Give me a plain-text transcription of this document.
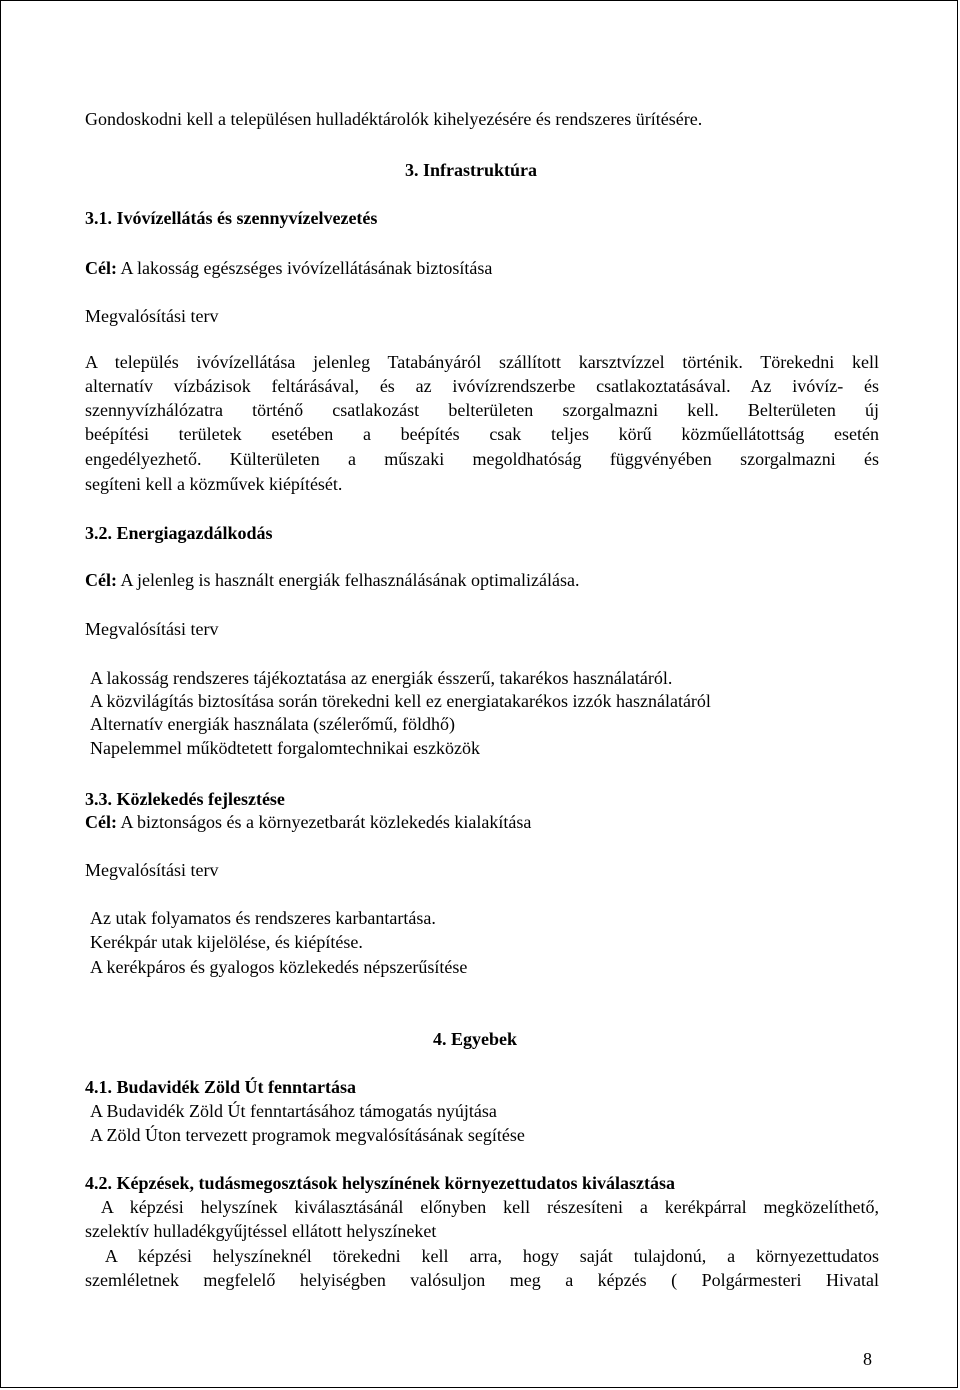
Gondoskodni kell a településen hulladéktárolók kihelyezésére és rendszeres ürítésére.
3. Infrastruktúra
3.1. Ivóvízellátás és szennyvízelvezetés
Cél: A lakosság egészséges ivóvízellátásának biztosítása
Megvalósítási terv
A település ivóvízellátása jelenleg Tatabányáról szállított karsztvízzel történik. Törekedni kell
alternatív vízbázisok feltárásával, és az ivóvízrendszerbe csatlakoztatásával. Az ivóvíz- és
szennyvízhálózatra történő csatlakozást belterületen szorgalmazni kell. Belterületen új
beépítési területek esetében a beépítés csak teljes körű közműellátottság esetén
engedélyezhető. Külterületen a műszaki megoldhatóság függvényében szorgalmazni és
segíteni kell a közművek kiépítését.
3.2. Energiagazdálkodás
Cél: A jelenleg is használt energiák felhasználásának optimalizálása.
Megvalósítási terv
A lakosság rendszeres tájékoztatása az energiák ésszerű, takarékos használatáról.
A közvilágítás biztosítása során törekedni kell ez energiatakarékos izzók használatáról
Alternatív energiák használata (szélerőmű, földhő)
Napelemmel működtetett forgalomtechnikai eszközök
3.3. Közlekedés fejlesztése
Cél: A biztonságos és a környezetbarát közlekedés kialakítása
Megvalósítási terv
Az utak folyamatos és rendszeres karbantartása.
Kerékpár utak kijelölése, és kiépítése.
A kerékpáros és gyalogos közlekedés népszerűsítése
4. Egyebek
4.1. Budavidék Zöld Út fenntartása
A Budavidék Zöld Út fenntartásához támogatás nyújtása
A Zöld Úton tervezett programok megvalósításának segítése
4.2. Képzések, tudásmegosztások helyszínének környezettudatos kiválasztása
A képzési helyszínek kiválasztásánál előnyben kell részesíteni a kerékpárral megközelíthető,
szelektív hulladékgyűjtéssel ellátott helyszíneket
A képzési helyszíneknél törekedni kell arra, hogy saját tulajdonú, a környezettudatos
szemléletnek megfelelő helyiségben valósuljon meg a képzés ( Polgármesteri Hivatal
8
